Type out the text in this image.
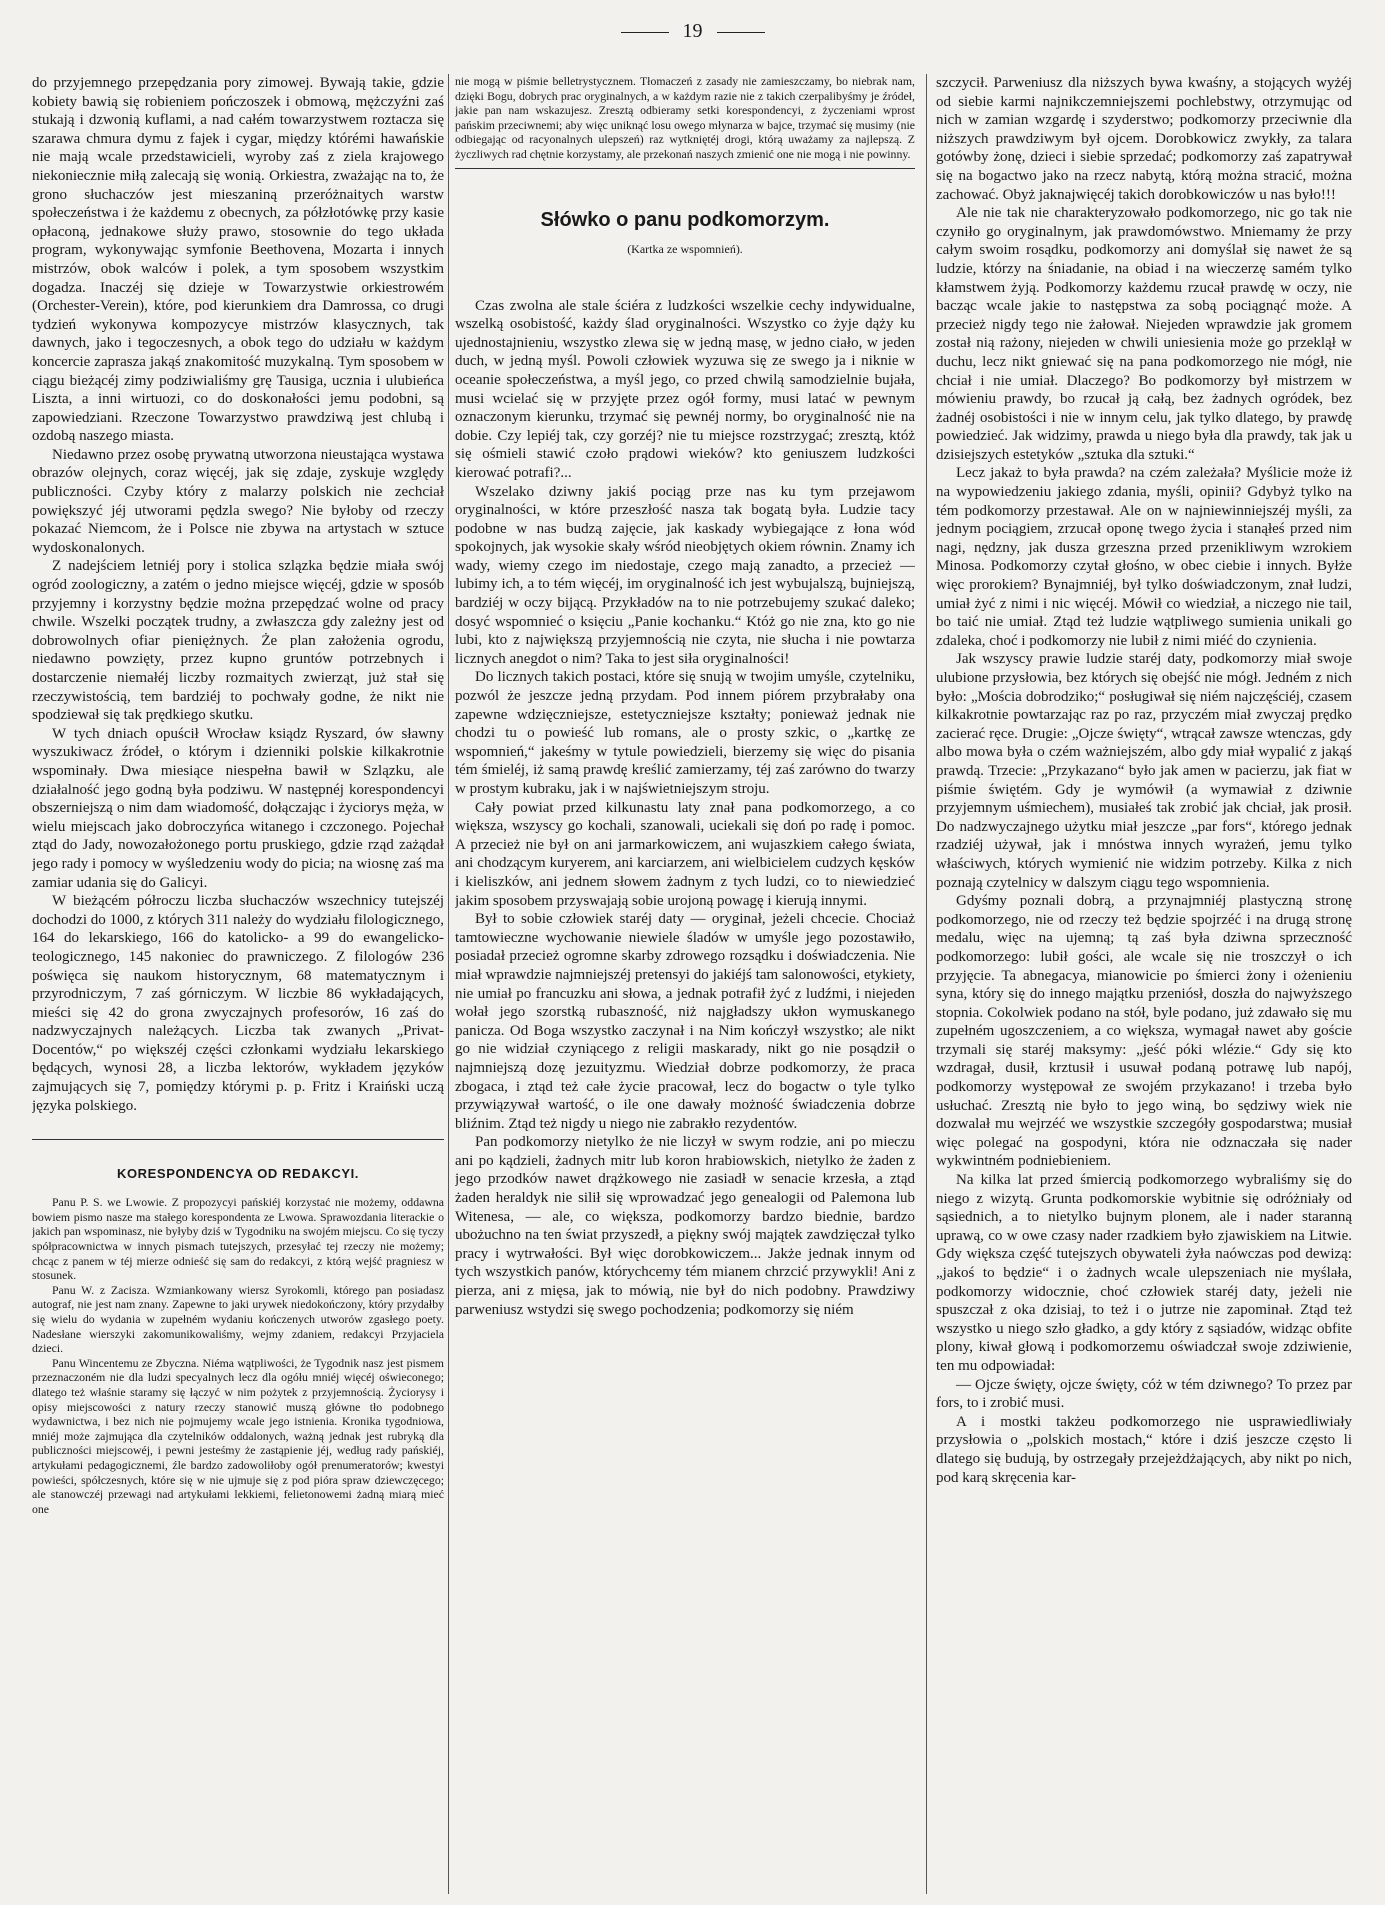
19

do przyjemnego przepędzania pory zimowej. Bywają takie, gdzie kobiety bawią się robieniem pończoszek i obmową, mężczyźni zaś stukają i dzwonią kuflami, a nad całém towarzystwem roztacza się szarawa chmura dymu z fajek i cygar, między którémi hawańskie nie mają wcale przedstawicieli, wyroby zaś z ziela krajowego niekoniecznie miłą zalecają się wonią. Orkiestra, zważając na to, że grono słuchaczów jest mieszaniną przeróżnaitych warstw społeczeństwa i że każdemu z obecnych, za półzłotówkę przy kasie opłaconą, jednakowe służy prawo, stosownie do tego układa program, wykonywając symfonie Beethovena, Mozarta i innych mistrzów, obok walców i polek, a tym sposobem wszystkim dogadza. Inaczéj się dzieje w Towarzystwie orkiestrowém (Orchester-Verein), które, pod kierunkiem dra Damrossa, co drugi tydzień wykonywa kompozycye mistrzów klasycznych, tak dawnych, jako i tegoczesnych, a obok tego do udziału w każdym koncercie zaprasza jakąś znakomitość muzykalną. Tym sposobem w ciągu bieżącéj zimy podziwialiśmy grę Tausiga, ucznia i ulubieńca Liszta, a inni wirtuozi, co do doskonałości jemu podobni, są zapowiedziani. Rzeczone Towarzystwo prawdziwą jest chlubą i ozdobą naszego miasta.

Niedawno przez osobę prywatną utworzona nieustająca wystawa obrazów olejnych, coraz więcéj, jak się zdaje, zyskuje względy publiczności. Czyby który z malarzy polskich nie zechciał powiększyć jéj utworami pędzla swego? Nie byłoby od rzeczy pokazać Niemcom, że i Polsce nie zbywa na artystach w sztuce wydoskonalonych.

Z nadejściem letniéj pory i stolica szlązka będzie miała swój ogród zoologiczny, a zatém o jedno miejsce więcéj, gdzie w sposób przyjemny i korzystny będzie można przepędzać wolne od pracy chwile. Wszelki początek trudny, a zwłaszcza gdy zależny jest od dobrowolnych ofiar pieniężnych. Że plan założenia ogrodu, niedawno powzięty, przez kupno gruntów potrzebnych i dostarczenie niemałéj liczby rozmaitych zwierząt, już stał się rzeczywistością, tem bardziéj to pochwały godne, że nikt nie spodziewał się tak prędkiego skutku.

W tych dniach opuścił Wrocław ksiądz Ryszard, ów sławny wyszukiwacz źródeł, o którym i dzienniki polskie kilkakrotnie wspominały. Dwa miesiące niespełna bawił w Szlązku, ale działalność jego godną była podziwu. W następnéj korespondencyi obszerniejszą o nim dam wiadomość, dołączając i życiorys męża, w wielu miejscach jako dobroczyńca witanego i czczonego. Pojechał ztąd do Jady, nowozałożonego portu pruskiego, gdzie rząd zażądał jego rady i pomocy w wyśledzeniu wody do picia; na wiosnę zaś ma zamiar udania się do Galicyi.

W bieżącém półroczu liczba słuchaczów wszechnicy tutejszéj dochodzi do 1000, z których 311 należy do wydziału filologicznego, 164 do lekarskiego, 166 do katolicko- a 99 do ewangelicko-teologicznego, 145 nakoniec do prawniczego. Z filologów 236 poświęca się naukom historycznym, 68 matematycznym i przyrodniczym, 7 zaś górniczym. W liczbie 86 wykładających, mieści się 42 do grona zwyczajnych profesorów, 16 zaś do nadzwyczajnych należących. Liczba tak zwanych „Privat-Docentów,“ po większéj części członkami wydziału lekarskiego będących, wynosi 28, a liczba lektorów, wykładem języków zajmujących się 7, pomiędzy którymi p. p. Fritz i Kraiński uczą języka polskiego.

KORESPONDENCYA OD REDAKCYI.

Panu P. S. we Lwowie. Z propozycyi pańskiéj korzystać nie możemy, oddawna bowiem pismo nasze ma stałego korespondenta ze Lwowa. Sprawozdania literackie o jakich pan wspominasz, nie byłyby dziś w Tygodniku na swojém miejscu. Co się tyczy spółpracownictwa w innych pismach tutejszych, przesyłać tej rzeczy nie możemy; chcąc z panem w téj mierze odnieść się sam do redakcyi, z którą wejść pragniesz w stosunek.

Panu W. z Zacisza. Wzmiankowany wiersz Syrokomli, którego pan posiadasz autograf, nie jest nam znany. Zapewne to jaki urywek niedokończony, który przydałby się wielu do wydania w zupełném wydaniu kończenych utworów zgasłego poety. Nadesłane wierszyki zakomunikowaliśmy, wejmy zdaniem, redakcyi Przyjaciela dzieci.

Panu Wincentemu ze Zbyczna. Niéma wątpliwości, że Tygodnik nasz jest pismem przeznaczoném nie dla ludzi specyalnych lecz dla ogółu mniéj więcéj oświeconego; dlatego też właśnie staramy się łączyć w nim pożytek z przyjemnością. Życiorysy i opisy miejscowości z natury rzeczy stanowić muszą główne tło podobnego wydawnictwa, i bez nich nie pojmujemy wcale jego istnienia. Kronika tygodniowa, mniéj może zajmująca dla czytelników oddalonych, ważną jednak jest rubryką dla publiczności miejscowéj, i pewni jesteśmy że zastąpienie jéj, według rady pańskiéj, artykułami pedagogicznemi, źle bardzo zadowoliłoby ogół prenumeratorów; kwestyi powieści, spółczesnych, które się w nie ujmuje się z pod pióra spraw dziewczęcego; ale stanowczéj przewagi nad artykułami lekkiemi, felietonowemi żadną miarą mieć one

nie mogą w piśmie belletrystycznem. Tłomaczeń z zasady nie zamieszczamy, bo niebrak nam, dzięki Bogu, dobrych prac oryginalnych, a w każdym razie nie z takich czerpalibyśmy je źródeł, jakie pan nam wskazujesz. Zresztą odbieramy setki korespondencyi, z życzeniami wprost pańskim przeciwnemi; aby więc uniknąć losu owego młynarza w bajce, trzymać się musimy (nie odbiegając od racyonalnych ulepszeń) raz wytkniętéj drogi, którą uważamy za najlepszą. Z życzliwych rad chętnie korzystamy, ale przekonań naszych zmienić one nie mogą i nie powinny.

Słówko o panu podkomorzym.
(Kartka ze wspomnień).

Czas zwolna ale stale ściéra z ludzkości wszelkie cechy indywidualne, wszelką osobistość, każdy ślad oryginalności. Wszystko co żyje dąży ku ujednostajnieniu, wszystko zlewa się w jedną masę, w jedno ciało, w jeden duch, w jedną myśl. Powoli człowiek wyzuwa się ze swego ja i niknie w oceanie społeczeństwa, a myśl jego, co przed chwilą samodzielnie bujała, musi wcielać się w przyjęte przez ogół formy, musi latać w pewnym oznaczonym kierunku, trzymać się pewnéj normy, bo oryginalność nie na dobie. Czy lepiéj tak, czy gorzéj? nie tu miejsce rozstrzygać; zresztą, któż się ośmieli stawić czoło prądowi wieków? kto geniuszem ludzkości kierować potrafi?...

Wszelako dziwny jakiś pociąg prze nas ku tym przejawom oryginalności, w które przeszłość nasza tak bogatą była. Ludzie tacy podobne w nas budzą zajęcie, jak kaskady wybiegające z łona wód spokojnych, jak wysokie skały wśród nieobjętych okiem równin. Znamy ich wady, wiemy czego im niedostaje, czego mają zanadto, a przecież — lubimy ich, a to tém więcéj, im oryginalność ich jest wybujalszą, bujniejszą, bardziéj w oczy bijącą. Przykładów na to nie potrzebujemy szukać daleko; dosyć wspomnieć o księciu „Panie kochanku.“ Któż go nie zna, kto go nie lubi, kto z największą przyjemnością nie czyta, nie słucha i nie powtarza licznych anegdot o nim? Taka to jest siła oryginalności!

Do licznych takich postaci, które się snują w twojim umyśle, czytelniku, pozwól że jeszcze jedną przydam. Pod innem piórem przybrałaby ona zapewne wdzięczniejsze, estetyczniejsze kształty; ponieważ jednak nie chodzi tu o powieść lub romans, ale o prosty szkic, o „kartkę ze wspomnień,“ jakeśmy w tytule powiedzieli, bierzemy się więc do pisania tém śmieléj, iż samą prawdę kreślić zamierzamy, téj zaś zarówno do twarzy w prostym kubraku, jak i w najświetniejszym stroju.

Cały powiat przed kilkunastu laty znał pana podkomorzego, a co większa, wszyscy go kochali, szanowali, uciekali się doń po radę i pomoc. A przecież nie był on ani jarmarkowiczem, ani wujaszkiem całego świata, ani chodzącym kuryerem, ani karciarzem, ani wielbicielem cudzych kęsków i kieliszków, ani jednem słowem żadnym z tych ludzi, co to niewiedzieć jakim sposobem przyswajają sobie urojoną powagę i kierują innymi.

Był to sobie człowiek staréj daty — oryginał, jeżeli chcecie. Chociaż tamtowieczne wychowanie niewiele śladów w umyśle jego pozostawiło, posiadał przecież ogromne skarby zdrowego rozsądku i doświadczenia. Nie miał wprawdzie najmniejszéj pretensyi do jakiéjś tam salonowości, etykiety, nie umiał po francuzku ani słowa, a jednak potrafił żyć z ludźmi, i niejeden wołał jego szorstką rubaszność, niż najgładszy ukłon wymuskanego panicza. Od Boga wszystko zaczynał i na Nim kończył wszystko; ale nikt go nie widział czyniącego z religii maskarady, nikt go nie posądził o najmniejszą dozę jezuityzmu. Wiedział dobrze podkomorzy, że praca zbogaca, i ztąd też całe życie pracował, lecz do bogactw o tyle tylko przywiązywał wartość, o ile one dawały możność świadczenia dobrze bliźnim. Ztąd też nigdy u niego nie zabrakło rezydentów.

Pan podkomorzy nietylko że nie liczył w swym rodzie, ani po mieczu ani po kądzieli, żadnych mitr lub koron hrabiowskich, nietylko że żaden z jego przodków nawet drążkowego nie zasiadł w senacie krzesła, a ztąd żaden heraldyk nie silił się wprowadzać jego genealogii od Palemona lub Witenesa, — ale, co większa, podkomorzy bardzo biednie, bardzo ubożuchno na ten świat przyszedł, a piękny swój majątek zawdzięczał tylko pracy i wytrwałości. Był więc dorobkowiczem... Jakże jednak innym od tych wszystkich panów, którychcemy tém mianem chrzcić przywykli! Ani z pierza, ani z mięsa, jak to mówią, nie był do nich podobny. Prawdziwy parweniusz wstydzi się swego pochodzenia; podkomorzy się niém

szczycił. Parweniusz dla niższych bywa kwaśny, a stojących wyżéj od siebie karmi najnikczemniejszemi pochlebstwy, otrzymując od nich w zamian wzgardę i szyderstwo; podkomorzy przeciwnie dla niższych prawdziwym był ojcem. Dorobkowicz zwykły, za talara gotówby żonę, dzieci i siebie sprzedać; podkomorzy zaś zapatrywał się na bogactwo jako na rzecz nabytą, którą można stracić, można zachować. Obyż jaknajwięcéj takich dorobkowiczów u nas było!!!

Ale nie tak nie charakteryzowało podkomorzego, nic go tak nie czyniło go oryginalnym, jak prawdomówstwo. Mniemamy że przy całym swoim rosądku, podkomorzy ani domyślał się nawet że są ludzie, którzy na śniadanie, na obiad i na wieczerzę samém tylko kłamstwem żyją. Podkomorzy każdemu rzucał prawdę w oczy, nie bacząc wcale jakie to następstwa za sobą pociągnąć może. A przecież nigdy tego nie żałował. Niejeden wprawdzie jak gromem został nią rażony, niejeden w chwili uniesienia może go przeklął w duchu, lecz nikt gniewać się na pana podkomorzego nie mógł, nie chciał i nie umiał. Dlaczego? Bo podkomorzy był mistrzem w mówieniu prawdy, bo rzucał ją całą, bez żadnych ogródek, bez żadnéj osobistości i nie w innym celu, jak tylko dlatego, by prawdę powiedzieć. Jak widzimy, prawda u niego była dla prawdy, tak jak u dzisiejszych estetyków „sztuka dla sztuki.“

Lecz jakaż to była prawda? na czém zależała? Myślicie może iż na wypowiedzeniu jakiego zdania, myśli, opinii? Gdybyż tylko na tém podkomorzy przestawał. Ale on w najniewinniejszéj myśli, za jednym pociągiem, zrzucał oponę twego życia i stanąłeś przed nim nagi, nędzny, jak dusza grzeszna przed przenikliwym wzrokiem Minosa. Podkomorzy czytał głośno, w obec ciebie i innych. Byłże więc prorokiem? Bynajmniéj, był tylko doświadczonym, znał ludzi, umiał żyć z nimi i nic więcéj. Mówił co wiedział, a niczego nie tail, bo taić nie umiał. Ztąd też ludzie wątpliwego sumienia unikali go zdaleka, choć i podkomorzy nie lubił z nimi miéć do czynienia.

Jak wszyscy prawie ludzie staréj daty, podkomorzy miał swoje ulubione przysłowia, bez których się obejść nie mógł. Jedném z nich było: „Mościa dobrodziko;“ posługiwał się niém najczęściéj, czasem kilkakrotnie powtarzając raz po raz, przyczém miał zwyczaj prędko zacierać ręce. Drugie: „Ojcze święty“, wtrącał zawsze wtenczas, gdy albo mowa była o czém ważniejszém, albo gdy miał wypalić z jakąś prawdą. Trzecie: „Przykazano“ było jak amen w pacierzu, jak fiat w piśmie świętém. Gdy je wymówił (a wymawiał z dziwnie przyjemnym uśmiechem), musiałeś tak zrobić jak chciał, jak prosił. Do nadzwyczajnego użytku miał jeszcze „par fors“, którego jednak rzadziéj używał, jak i mnóstwa innych wyrażeń, jemu tylko właściwych, których wymienić nie widzim potrzeby. Kilka z nich poznają czytelnicy w dalszym ciągu tego wspomnienia.

Gdyśmy poznali dobrą, a przynajmniéj plastyczną stronę podkomorzego, nie od rzeczy też będzie spojrzéć i na drugą stronę medalu, więc na ujemną; tą zaś była dziwna sprzeczność podkomorzego: lubił gości, ale wcale się nie troszczył o ich przyjęcie. Ta abnegacya, mianowicie po śmierci żony i ożenieniu syna, który się do innego majątku przeniósł, doszła do najwyższego stopnia. Cokolwiek podano na stół, byle podano, już zdawało się mu zupełném ugoszczeniem, a co większa, wymagał nawet aby goście trzymali się staréj maksymy: „jeść póki wlézie.“ Gdy się kto wzdragał, dusił, krztusił i usuwał podaną potrawę lub napój, podkomorzy występował ze swojém przykazano! i trzeba było usłuchać. Zresztą nie było to jego winą, bo sędziwy wiek nie dozwalał mu wejrzéć we wszystkie szczegóły gospodarstwa; musiał więc polegać na gospodyni, która nie odznaczała się nader wykwintném podniebieniem.

Na kilka lat przed śmiercią podkomorzego wybraliśmy się do niego z wizytą. Grunta podkomorskie wybitnie się odróżniały od sąsiednich, a to nietylko bujnym plonem, ale i nader staranną uprawą, co w owe czasy nader rzadkiem było zjawiskiem na Litwie. Gdy większa część tutejszych obywateli żyła naówczas pod dewizą: „jakoś to będzie“ i o żadnych wcale ulepszeniach nie myślała, podkomorzy widocznie, choć człowiek staréj daty, jeżeli nie spuszczał z oka dzisiaj, to też i o jutrze nie zapominał. Ztąd też wszystko u niego szło gładko, a gdy który z sąsiadów, widząc obfite plony, kiwał głową i podkomorzemu oświadczał swoje zdziwienie, ten mu odpowiadał:

— Ojcze święty, ojcze święty, cóż w tém dziwnego? To przez par fors, to i zrobić musi.

A i mostki takżeu podkomorzego nie usprawiedliwiały przysłowia o „polskich mostach,“ które i dziś jeszcze często li dlatego się budują, by ostrzegały przejeżdżających, aby nikt po nich, pod karą skręcenia kar-
